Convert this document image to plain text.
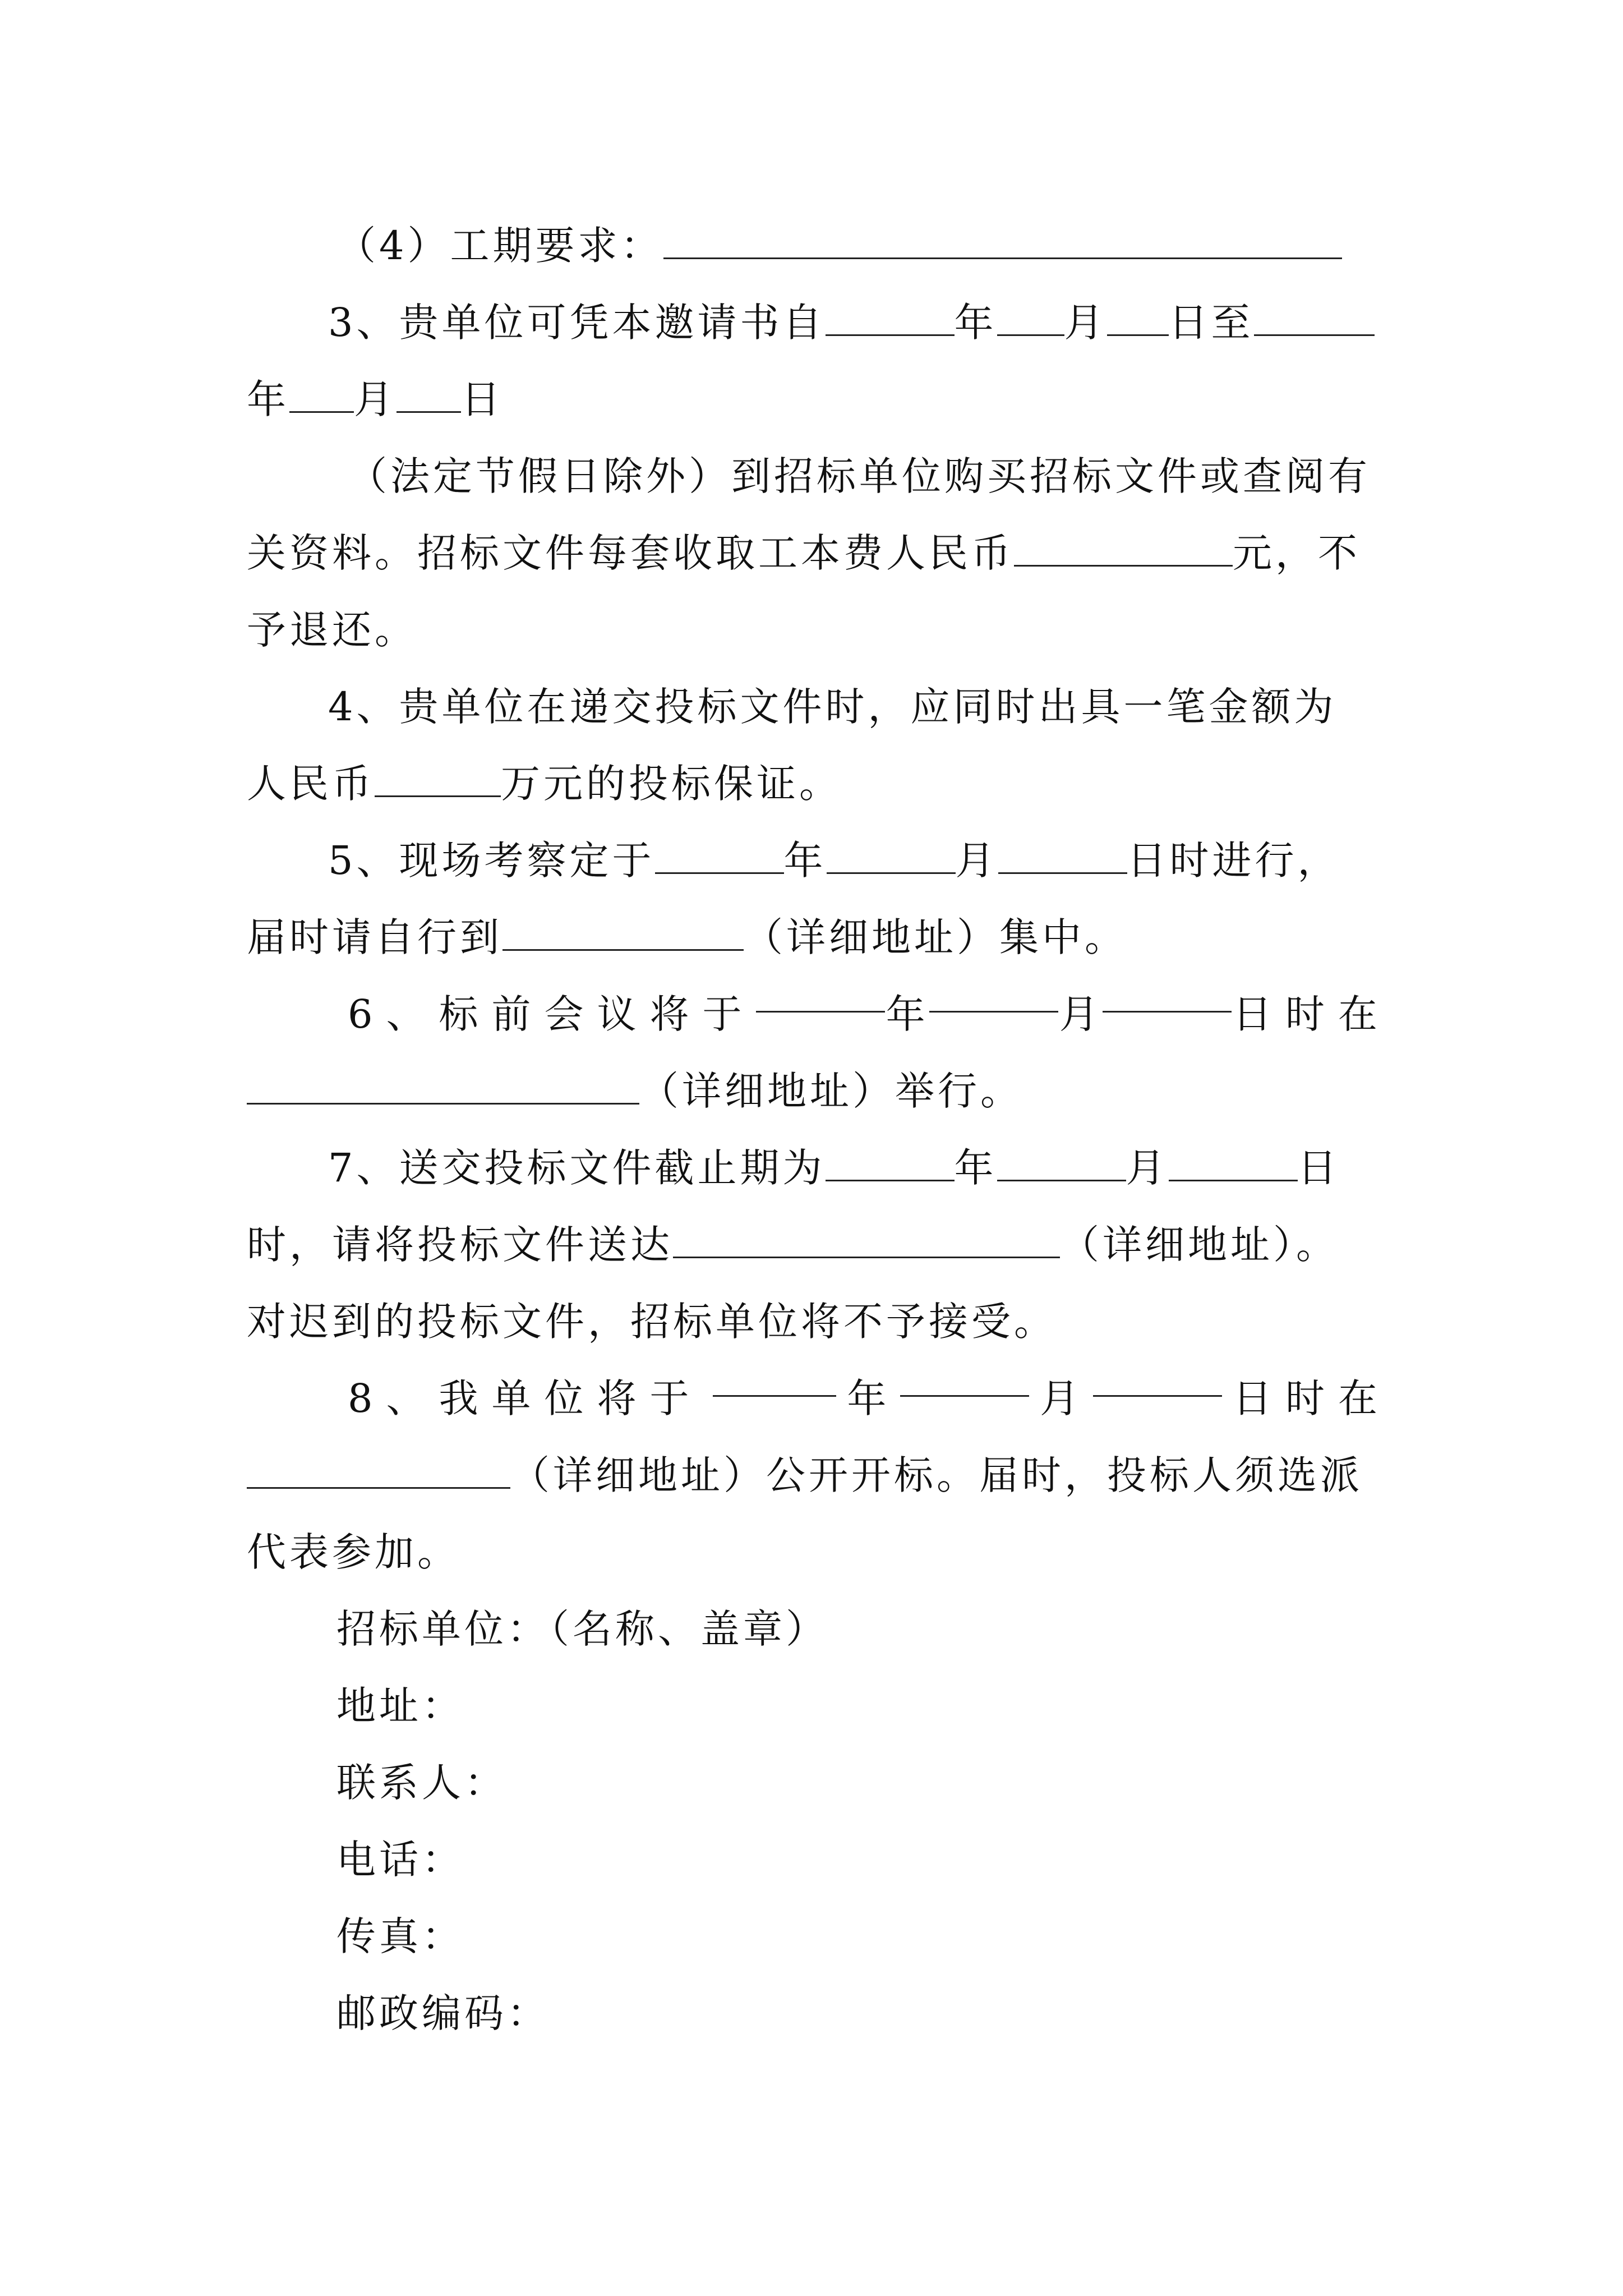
（4）工期要求：
3、贵单位可凭本邀请书自	年 月 日至
年 月 日
（法定节假日除外）到招标单位购买招标文件或查阅有
关资料。招标文件每套收取工本费人民币	元，不
予退还。
4、贵单位在递交投标文件时，应同时出具一笔金额为
人民币	万元的投标保证。
5、现场考察定于	年	月	日时进行，
届时请自行到	（详细地址）集中。
6、标前会议将于	年	月	日时在
（详细地址）举行。
7、送交投标文件截止期为	年	月	日
时，请将投标文件送达	（详细地址）。
对迟到的投标文件，招标单位将不予接受。
8、我单位将于	年	月	日时在
（详细地址）公开开标。届时，投标人须选派
代表参加。
招标单位：（名称、盖章）
地址：
联系人：
电话：
传真：
邮政编码：
